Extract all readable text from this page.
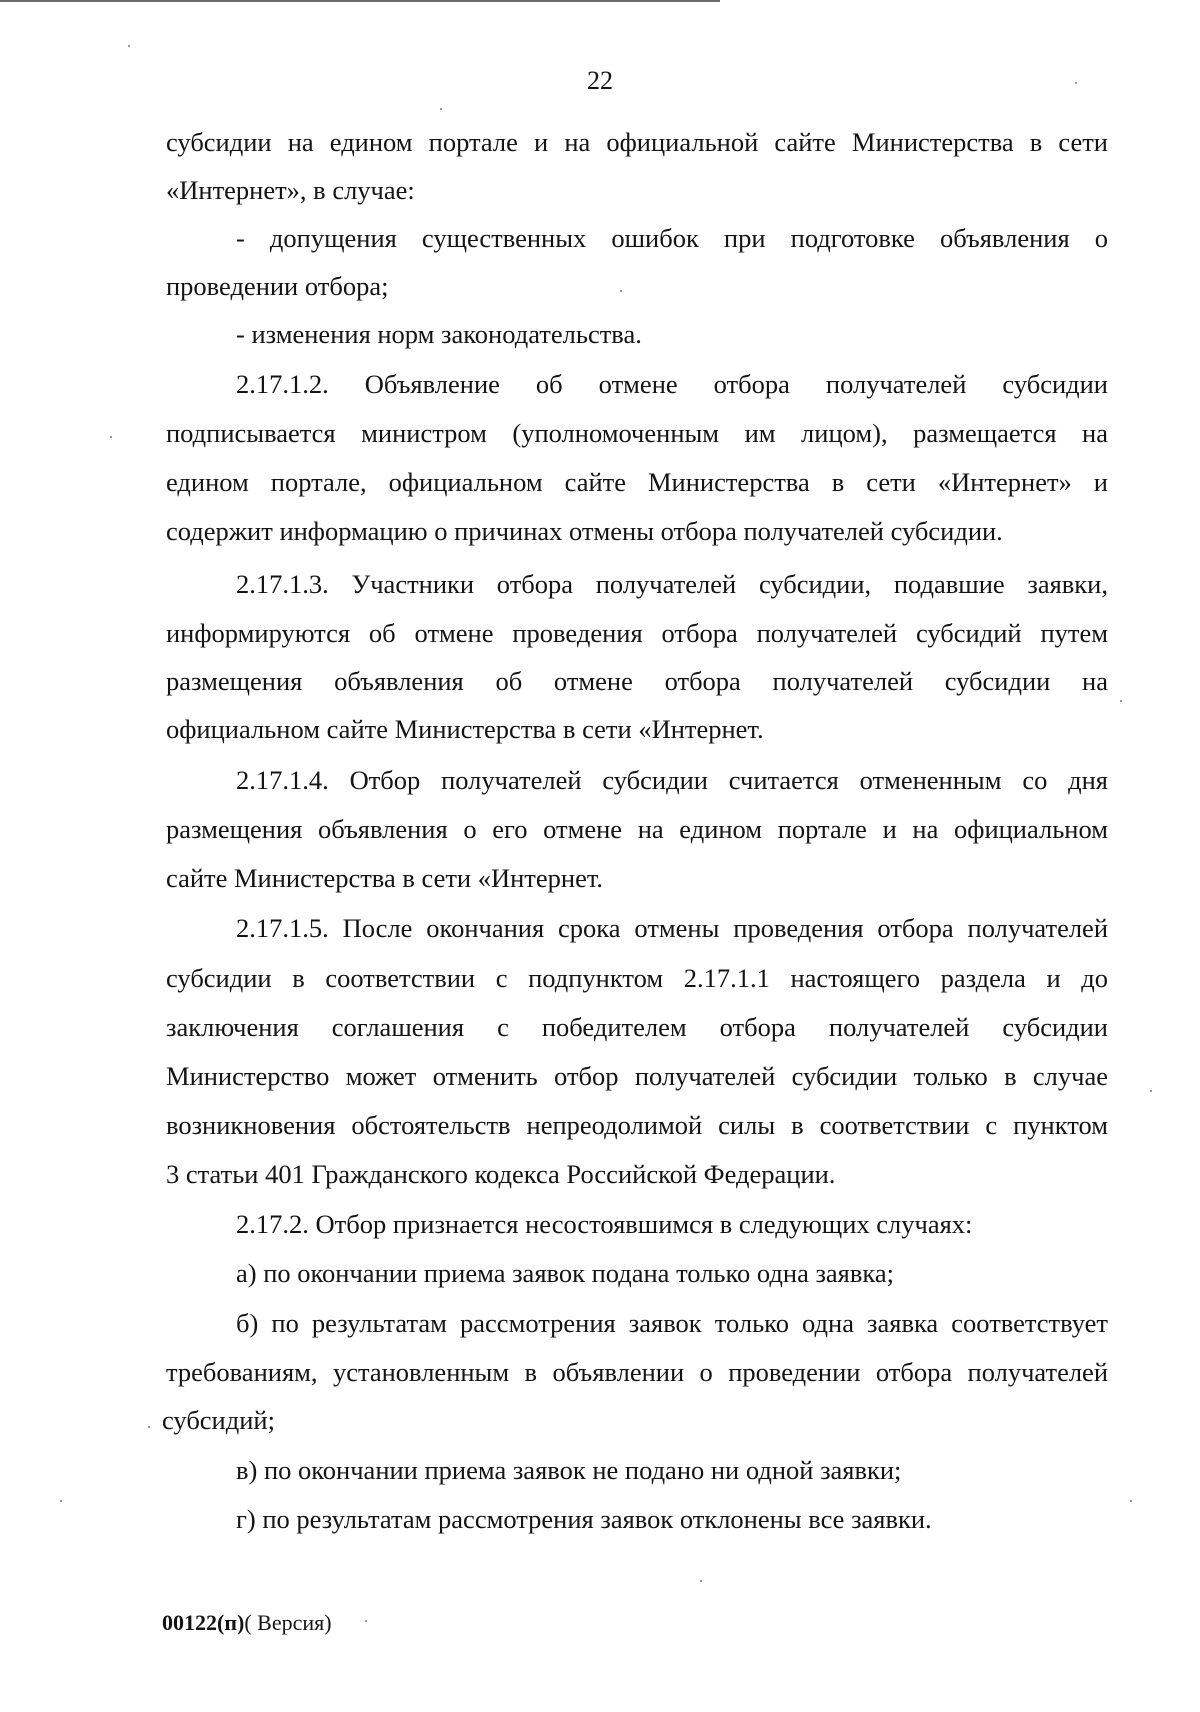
22
субсидии на едином портале и на официальной сайте Министерства в сети
«Интернет», в случае:
- допущения существенных ошибок при подготовке объявления о
проведении отбора;
- изменения норм законодательства.
2.17.1.2. Объявление об отмене отбора получателей субсидии
подписывается министром (уполномоченным им лицом), размещается на
едином портале, официальном сайте Министерства в сети «Интернет» и
содержит информацию о причинах отмены отбора получателей субсидии.
2.17.1.3. Участники отбора получателей субсидии, подавшие заявки,
информируются об отмене проведения отбора получателей субсидий путем
размещения объявления об отмене отбора получателей субсидии на
официальном сайте Министерства в сети «Интернет.
2.17.1.4. Отбор получателей субсидии считается отмененным со дня
размещения объявления о его отмене на едином портале и на официальном
сайте Министерства в сети «Интернет.
2.17.1.5. После окончания срока отмены проведения отбора получателей
субсидии в соответствии с подпунктом 2.17.1.1 настоящего раздела и до
заключения соглашения с победителем отбора получателей субсидии
Министерство может отменить отбор получателей субсидии только в случае
возникновения обстоятельств непреодолимой силы в соответствии с пунктом
3 статьи 401 Гражданского кодекса Российской Федерации.
2.17.2. Отбор признается несостоявшимся в следующих случаях:
а) по окончании приема заявок подана только одна заявка;
б) по результатам рассмотрения заявок только одна заявка соответствует
требованиям, установленным в объявлении о проведении отбора получателей
субсидий;
в) по окончании приема заявок не подано ни одной заявки;
г) по результатам рассмотрения заявок отклонены все заявки.
00122(п)( Версия)
